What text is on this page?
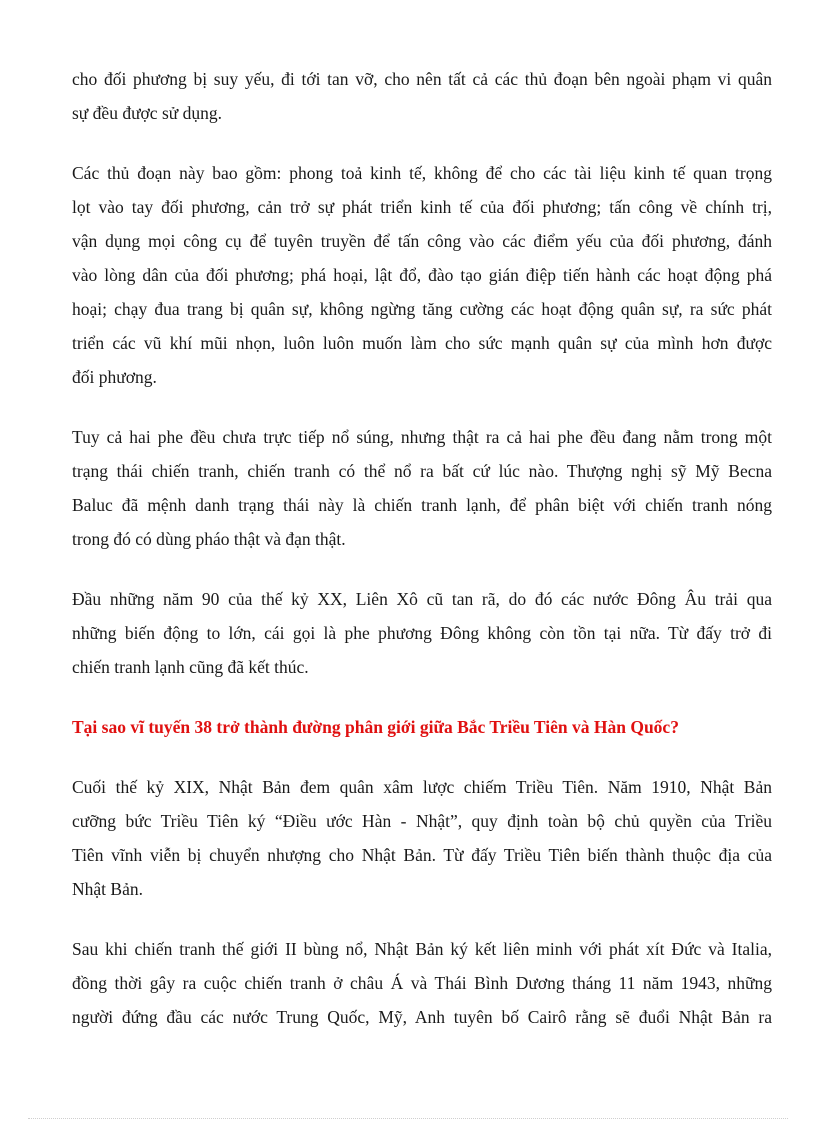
cho đối phương bị suy yếu, đi tới tan vỡ, cho nên tất cả các thủ đoạn bên ngoài phạm vi quân
sự đều được sử dụng.
Các thủ đoạn này bao gồm: phong toả kinh tế, không để cho các tài liệu kinh tế quan trọng
lọt vào tay đối phương, cản trở sự phát triển kinh tế của đối phương; tấn công về chính trị,
vận dụng mọi công cụ để tuyên truyền để tấn công vào các điểm yếu của đối phương, đánh
vào lòng dân của đối phương; phá hoại, lật đổ, đào tạo gián điệp tiến hành các hoạt động phá
hoại; chạy đua trang bị quân sự, không ngừng tăng cường các hoạt động quân sự, ra sức phát
triển các vũ khí mũi nhọn, luôn luôn muốn làm cho sức mạnh quân sự của mình hơn được
đối phương.
Tuy cả hai phe đều chưa trực tiếp nổ súng, nhưng thật ra cả hai phe đều đang nằm trong một
trạng thái chiến tranh, chiến tranh có thể nổ ra bất cứ lúc nào. Thượng nghị sỹ Mỹ Becna
Baluc đã mệnh danh trạng thái này là chiến tranh lạnh, để phân biệt với chiến tranh nóng
trong đó có dùng pháo thật và đạn thật.
Đầu những năm 90 của thế kỷ XX, Liên Xô cũ tan rã, do đó các nước Đông Âu trải qua
những biến động to lớn, cái gọi là phe phương Đông không còn tồn tại nữa. Từ đấy trở đi
chiến tranh lạnh cũng đã kết thúc.
Tại sao vĩ tuyến 38 trở thành đường phân giới giữa Bắc Triều Tiên và Hàn Quốc?
Cuối thế kỷ XIX, Nhật Bản đem quân xâm lược chiếm Triều Tiên. Năm 1910, Nhật Bản
cưỡng bức Triều Tiên ký “Điều ước Hàn - Nhật”, quy định toàn bộ chủ quyền của Triều
Tiên vĩnh viễn bị chuyển nhượng cho Nhật Bản. Từ đấy Triều Tiên biến thành thuộc địa của
Nhật Bản.
Sau khi chiến tranh thế giới II bùng nổ, Nhật Bản ký kết liên minh với phát xít Đức và Italia,
đồng thời gây ra cuộc chiến tranh ở châu Á và Thái Bình Dương tháng 11 năm 1943, những
người đứng đầu các nước Trung Quốc, Mỹ, Anh tuyên bố Cairô rằng sẽ đuổi Nhật Bản ra
